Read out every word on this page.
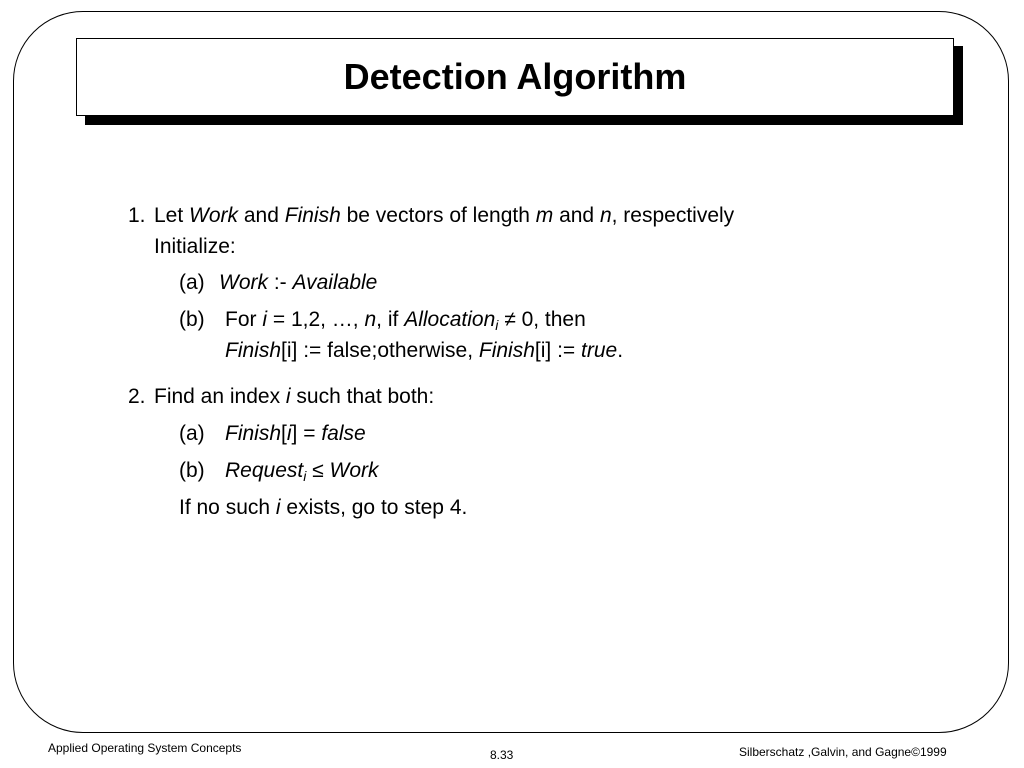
Detection Algorithm
1. Let Work and Finish be vectors of length m and n, respectively
Initialize:
(a) Work :- Available
(b) For i = 1,2, …, n, if Allocation$_i$ ≠ 0, then
Finish[i] := false;otherwise, Finish[i] := true.
2. Find an index i such that both:
(a) Finish[i] = false
(b) Request$_i$ ≤ Work
If no such i exists, go to step 4.
Applied Operating System Concepts	8.33	Silberschatz ,Galvin, and Gagne©1999
